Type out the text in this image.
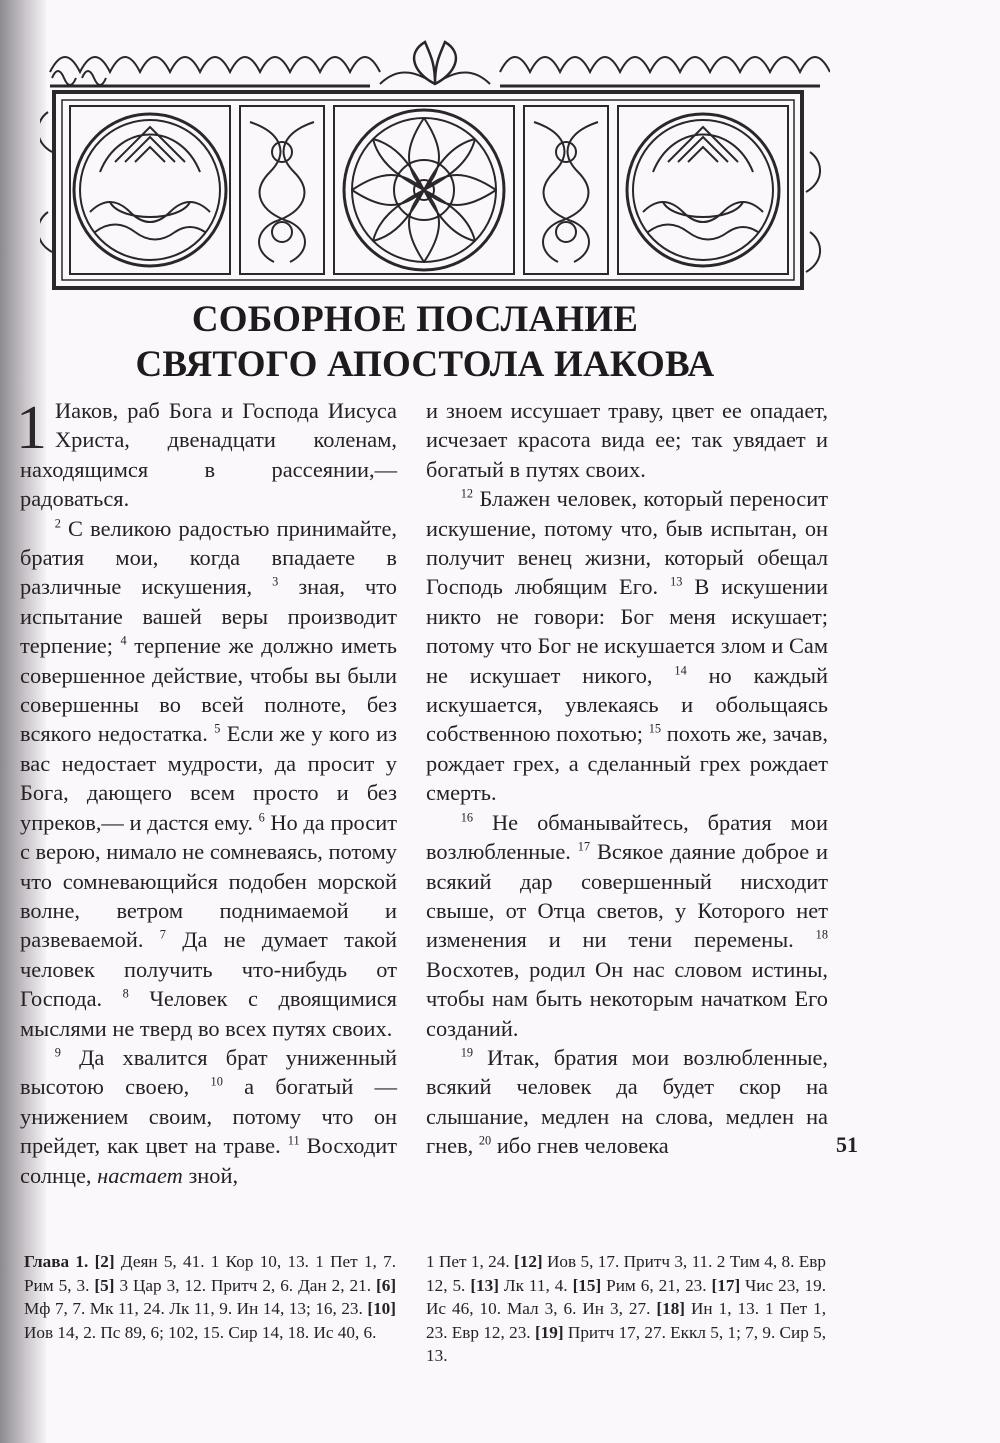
СОБОРНОЕ ПОСЛАНИЕ
СВЯТОГО АПОСТОЛА ИАКОВА

1 Иаков, раб Бога и Господа Иисуса Христа, двенадцати коленам, находящимся в рассеянии,— радоваться.

$^2$ С великою радостью принимайте, братия мои, когда впадаете в различные искушения, $^3$ зная, что испытание вашей веры производит терпение; $^4$ терпение же должно иметь совершенное действие, чтобы вы были совершенны во всей полноте, без всякого недостатка. $^5$ Если же у кого из вас недостает мудрости, да просит у Бога, дающего всем просто и без упреков,— и дастся ему. $^6$ Но да просит с верою, нимало не сомневаясь, потому что сомневающийся подобен морской волне, ветром поднимаемой и развеваемой. $^7$ Да не думает такой человек получить что-нибудь от Господа. $^8$ Человек с двоящимися мыслями не тверд во всех путях своих.

$^9$ Да хвалится брат униженный высотою своею, $^{10}$ а богатый — унижением своим, потому что он прейдет, как цвет на траве. $^{11}$ Восходит солнце, настает зной,

и зноем иссушает траву, цвет ее опадает, исчезает красота вида ее; так увядает и богатый в путях своих.

$^{12}$ Блажен человек, который переносит искушение, потому что, быв испытан, он получит венец жизни, который обещал Господь любящим Его. $^{13}$ В искушении никто не говори: Бог меня искушает; потому что Бог не искушается злом и Сам не искушает никого, $^{14}$ но каждый искушается, увлекаясь и обольщаясь собственною похотью; $^{15}$ похоть же, зачав, рождает грех, а сделанный грех рождает смерть.

$^{16}$ Не обманывайтесь, братия мои возлюбленные. $^{17}$ Всякое даяние доброе и всякий дар совершенный нисходит свыше, от Отца светов, у Которого нет изменения и ни тени перемены. $^{18}$ Восхотев, родил Он нас словом истины, чтобы нам быть некоторым начатком Его созданий.

$^{19}$ Итак, братия мои возлюбленные, всякий человек да будет скор на слышание, медлен на слова, медлен на гнев, $^{20}$ ибо гнев человека	51

Глава 1. [2] Деян 5, 41. 1 Кор 10, 13. 1 Пет 1, 7. Рим 5, 3. [5] 3 Цар 3, 12. Притч 2, 6. Дан 2, 21. [6] Мф 7, 7. Мк 11, 24. Лк 11, 9. Ин 14, 13; 16, 23. [10] Иов 14, 2. Пс 89, 6; 102, 15. Сир 14, 18. Ис 40, 6.

1 Пет 1, 24. [12] Иов 5, 17. Притч 3, 11. 2 Тим 4, 8. Евр 12, 5. [13] Лк 11, 4. [15] Рим 6, 21, 23. [17] Чис 23, 19. Ис 46, 10. Мал 3, 6. Ин 3, 27. [18] Ин 1, 13. 1 Пет 1, 23. Евр 12, 23. [19] Притч 17, 27. Еккл 5, 1; 7, 9. Сир 5, 13.
